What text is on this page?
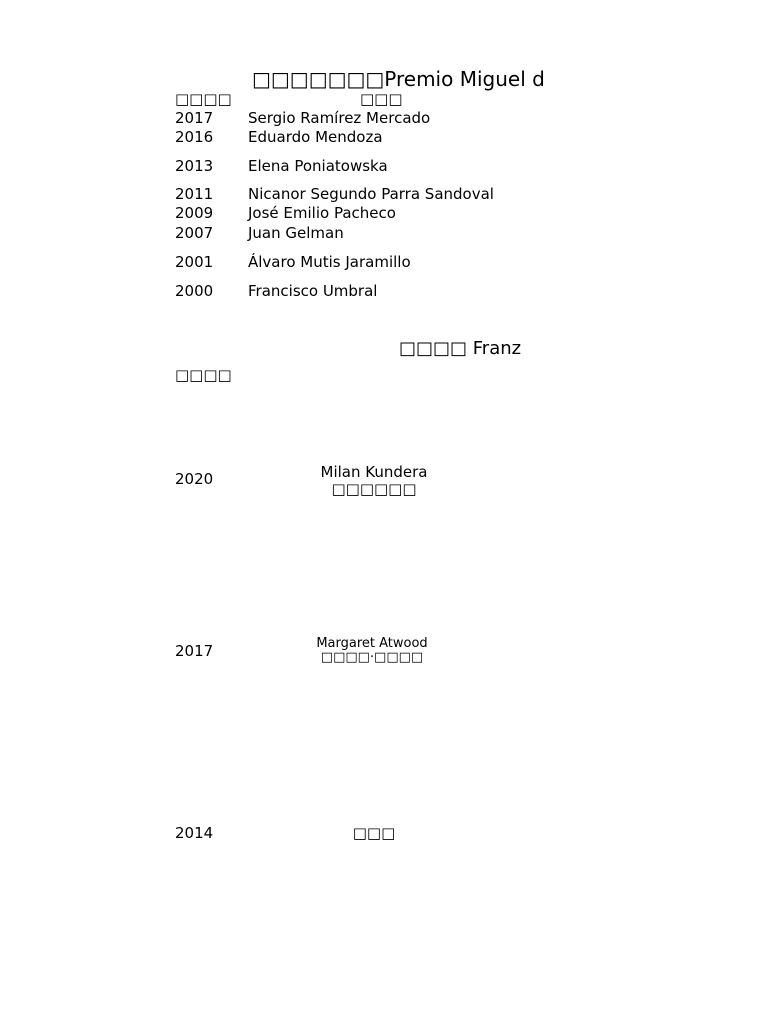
□□□□□□□Premio Miguel d
□□□□	□□□
2017 Sergio Ramírez Mercado
2016 Eduardo Mendoza
2013 Elena Poniatowska
2011 Nicanor Segundo Parra Sandoval
2009 José Emilio Pacheco
2007 Juan Gelman
2001 Álvaro Mutis Jaramillo
2000 Francisco Umbral
□□□□ Franz
□□□□
2020	Milan Kundera
□□□□□□
2017	Margaret Atwood
□□□□·□□□□
2014	□□□
